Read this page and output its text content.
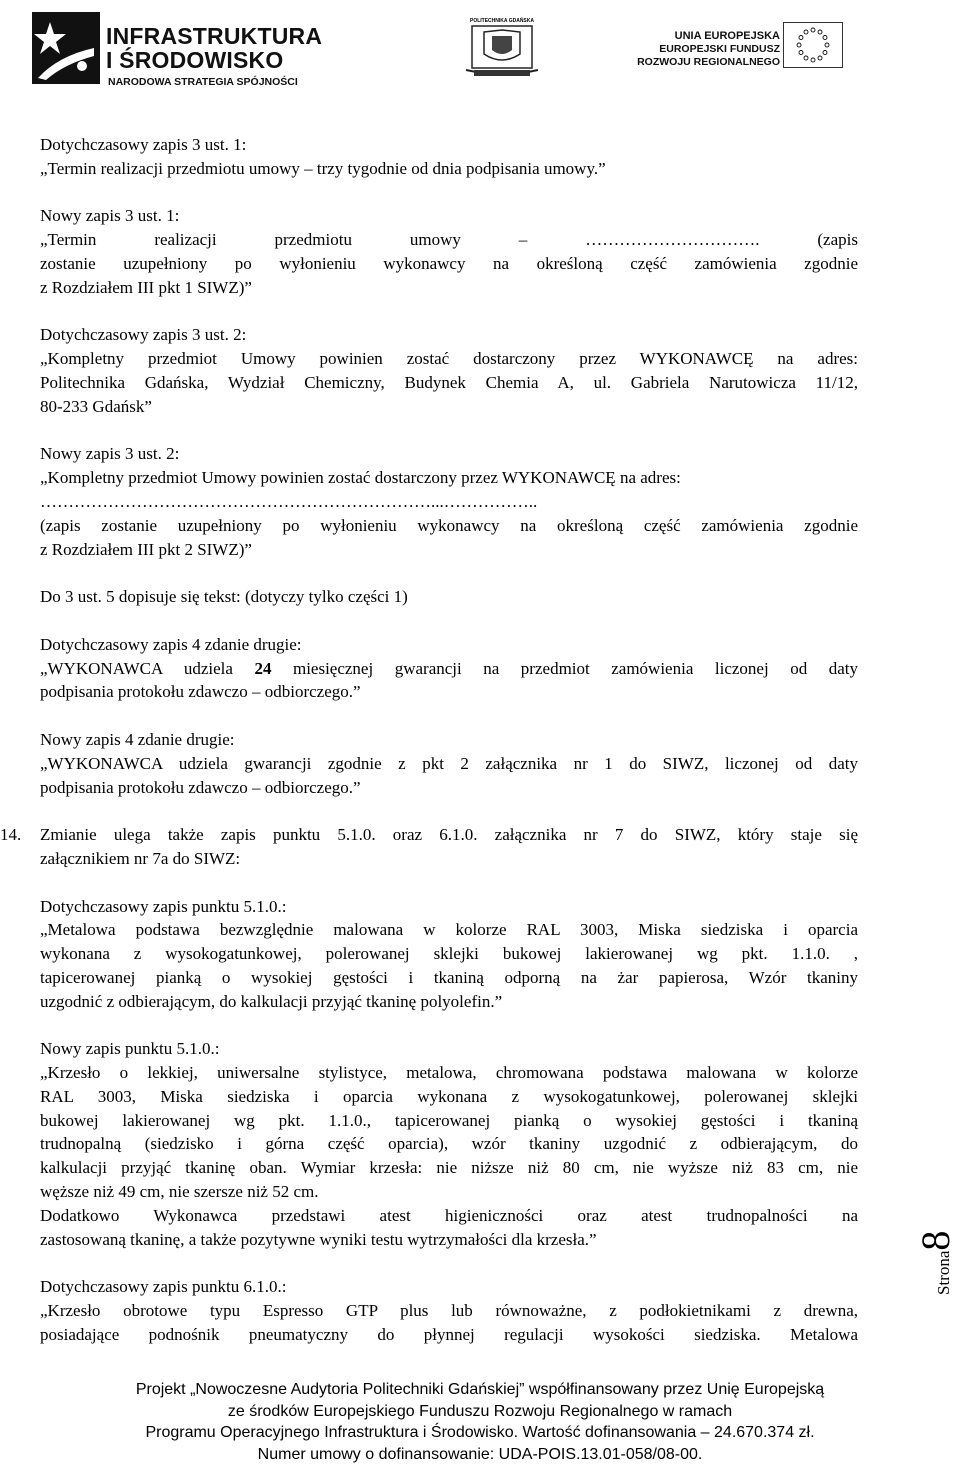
INFRASTRUKTURA
I ŚRODOWISKO
NARODOWA STRATEGIA SPÓJNOŚCI
POLITECHNIKA GDAŃSKA
UNIA EUROPEJSKA
EUROPEJSKI FUNDUSZ
ROZWOJU REGIONALNEGO
Dotychczasowy zapis 3 ust. 1:
„Termin realizacji przedmiotu umowy – trzy tygodnie od dnia podpisania umowy.”
Nowy zapis 3 ust. 1:
„Termin realizacji przedmiotu umowy – …………………………. (zapis
zostanie uzupełniony po wyłonieniu wykonawcy na określoną część zamówienia zgodnie
z Rozdziałem III pkt 1 SIWZ)”
Dotychczasowy zapis 3 ust. 2:
„Kompletny przedmiot Umowy powinien zostać dostarczony przez WYKONAWCĘ na adres:
Politechnika Gdańska, Wydział Chemiczny, Budynek Chemia A, ul. Gabriela Narutowicza 11/12,
80-233 Gdańsk”
Nowy zapis 3 ust. 2:
„Kompletny przedmiot Umowy powinien zostać dostarczony przez WYKONAWCĘ na adres:
……………………………………………………………...……………..
(zapis zostanie uzupełniony po wyłonieniu wykonawcy na określoną część zamówienia zgodnie
z Rozdziałem III pkt 2 SIWZ)”
Do 3 ust. 5 dopisuje się tekst: (dotyczy tylko części 1)
Dotychczasowy zapis 4 zdanie drugie:
„WYKONAWCA udziela 24 miesięcznej gwarancji na przedmiot zamówienia liczonej od daty
podpisania protokołu zdawczo – odbiorczego.”
Nowy zapis 4 zdanie drugie:
„WYKONAWCA udziela gwarancji zgodnie z pkt 2 załącznika nr 1 do SIWZ, liczonej od daty
podpisania protokołu zdawczo – odbiorczego.”
14.	Zmianie ulega także zapis punktu 5.1.0. oraz 6.1.0. załącznika nr 7 do SIWZ, który staje się
załącznikiem nr 7a do SIWZ:
Dotychczasowy zapis punktu 5.1.0.:
„Metalowa podstawa bezwzględnie malowana w kolorze RAL 3003, Miska siedziska i oparcia
wykonana z wysokogatunkowej, polerowanej sklejki bukowej lakierowanej wg pkt. 1.1.0. ,
tapicerowanej pianką o wysokiej gęstości i tkaniną odporną na żar papierosa, Wzór tkaniny
uzgodnić z odbierającym, do kalkulacji przyjąć tkaninę polyolefin.”
Nowy zapis punktu 5.1.0.:
„Krzesło o lekkiej, uniwersalne stylistyce, metalowa, chromowana podstawa malowana w kolorze
RAL 3003, Miska siedziska i oparcia wykonana z wysokogatunkowej, polerowanej sklejki
bukowej lakierowanej wg pkt. 1.1.0., tapicerowanej pianką o wysokiej gęstości i tkaniną
trudnopalną (siedzisko i górna część oparcia), wzór tkaniny uzgodnić z odbierającym, do
kalkulacji przyjąć tkaninę oban. Wymiar krzesła: nie niższe niż 80 cm, nie wyższe niż 83 cm, nie
węższe niż 49 cm, nie szersze niż 52 cm.
Dodatkowo Wykonawca przedstawi atest higieniczności oraz atest trudnopalności na
zastosowaną tkaninę, a także pozytywne wyniki testu wytrzymałości dla krzesła.”
Dotychczasowy zapis punktu 6.1.0.:
„Krzesło obrotowe typu Espresso GTP plus lub równoważne, z podłokietnikami z drewna,
posiadające podnośnik pneumatyczny do płynnej regulacji wysokości siedziska. Metalowa
Strona8
Projekt „Nowoczesne Audytoria Politechniki Gdańskiej” współfinansowany przez Unię Europejską
ze środków Europejskiego Funduszu Rozwoju Regionalnego w ramach
Programu Operacyjnego Infrastruktura i Środowisko. Wartość dofinansowania – 24.670.374 zł.
Numer umowy o dofinansowanie: UDA-POIS.13.01-058/08-00.
